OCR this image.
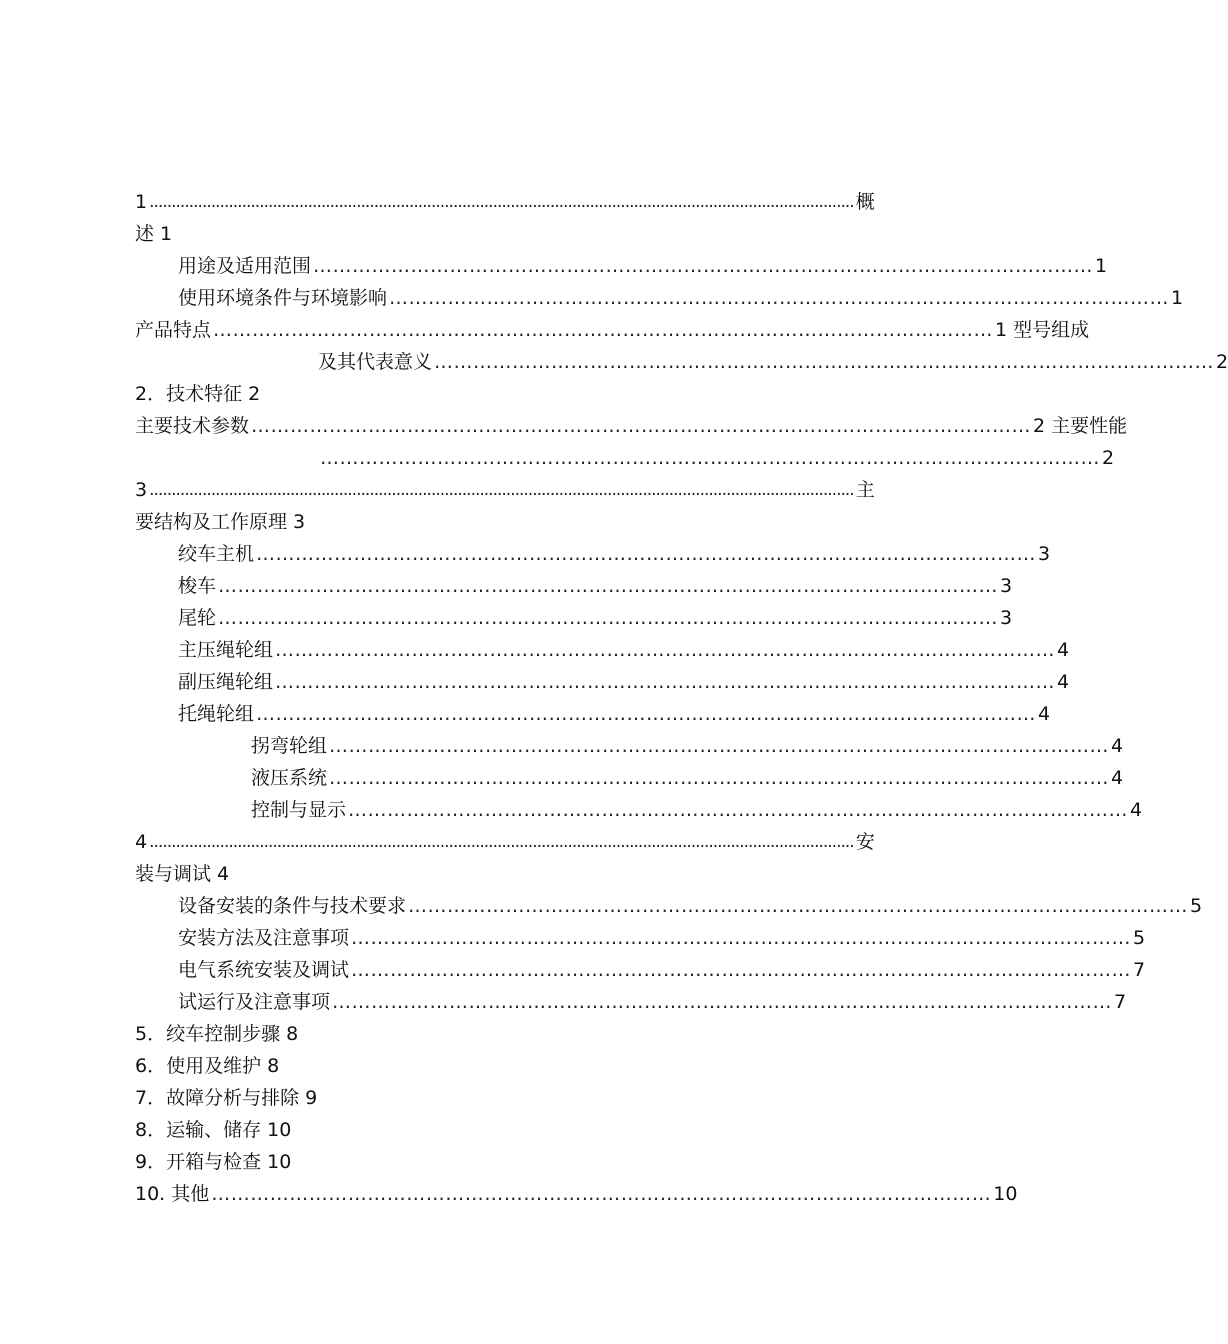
1 ................................................................................................................................................................ 概
述 1
用途及适用范围 ………………………………………………………………………………………………………… 1
使用环境条件与环境影响 ………………………………………………………………………………………………………… 1
产品特点 ………………………………………………………………………………………………………… 1 型号组成
及其代表意义 ………………………………………………………………………………………………………… 2
2．技术特征 2
主要技术参数 ………………………………………………………………………………………………………… 2 主要性能
………………………………………………………………………………………………………… 2
3 ................................................................................................................................................................ 主
要结构及工作原理 3
绞车主机 ………………………………………………………………………………………………………… 3
梭车 ………………………………………………………………………………………………………… 3
尾轮 ………………………………………………………………………………………………………… 3
主压绳轮组 ………………………………………………………………………………………………………… 4
副压绳轮组 ………………………………………………………………………………………………………… 4
托绳轮组 ………………………………………………………………………………………………………… 4
拐弯轮组 ………………………………………………………………………………………………………… 4
液压系统 ………………………………………………………………………………………………………… 4
控制与显示 ………………………………………………………………………………………………………… 4
4 ................................................................................................................................................................ 安
装与调试 4
设备安装的条件与技术要求 ………………………………………………………………………………………………………… 5
安装方法及注意事项 ………………………………………………………………………………………………………… 5
电气系统安装及调试 ………………………………………………………………………………………………………… 7
试运行及注意事项 ………………………………………………………………………………………………………… 7
5．绞车控制步骤 8
6．使用及维护 8
7．故障分析与排除 9
8．运输、储存 10
9．开箱与检查 10
10. 其他 ………………………………………………………………………………………………………… 10
